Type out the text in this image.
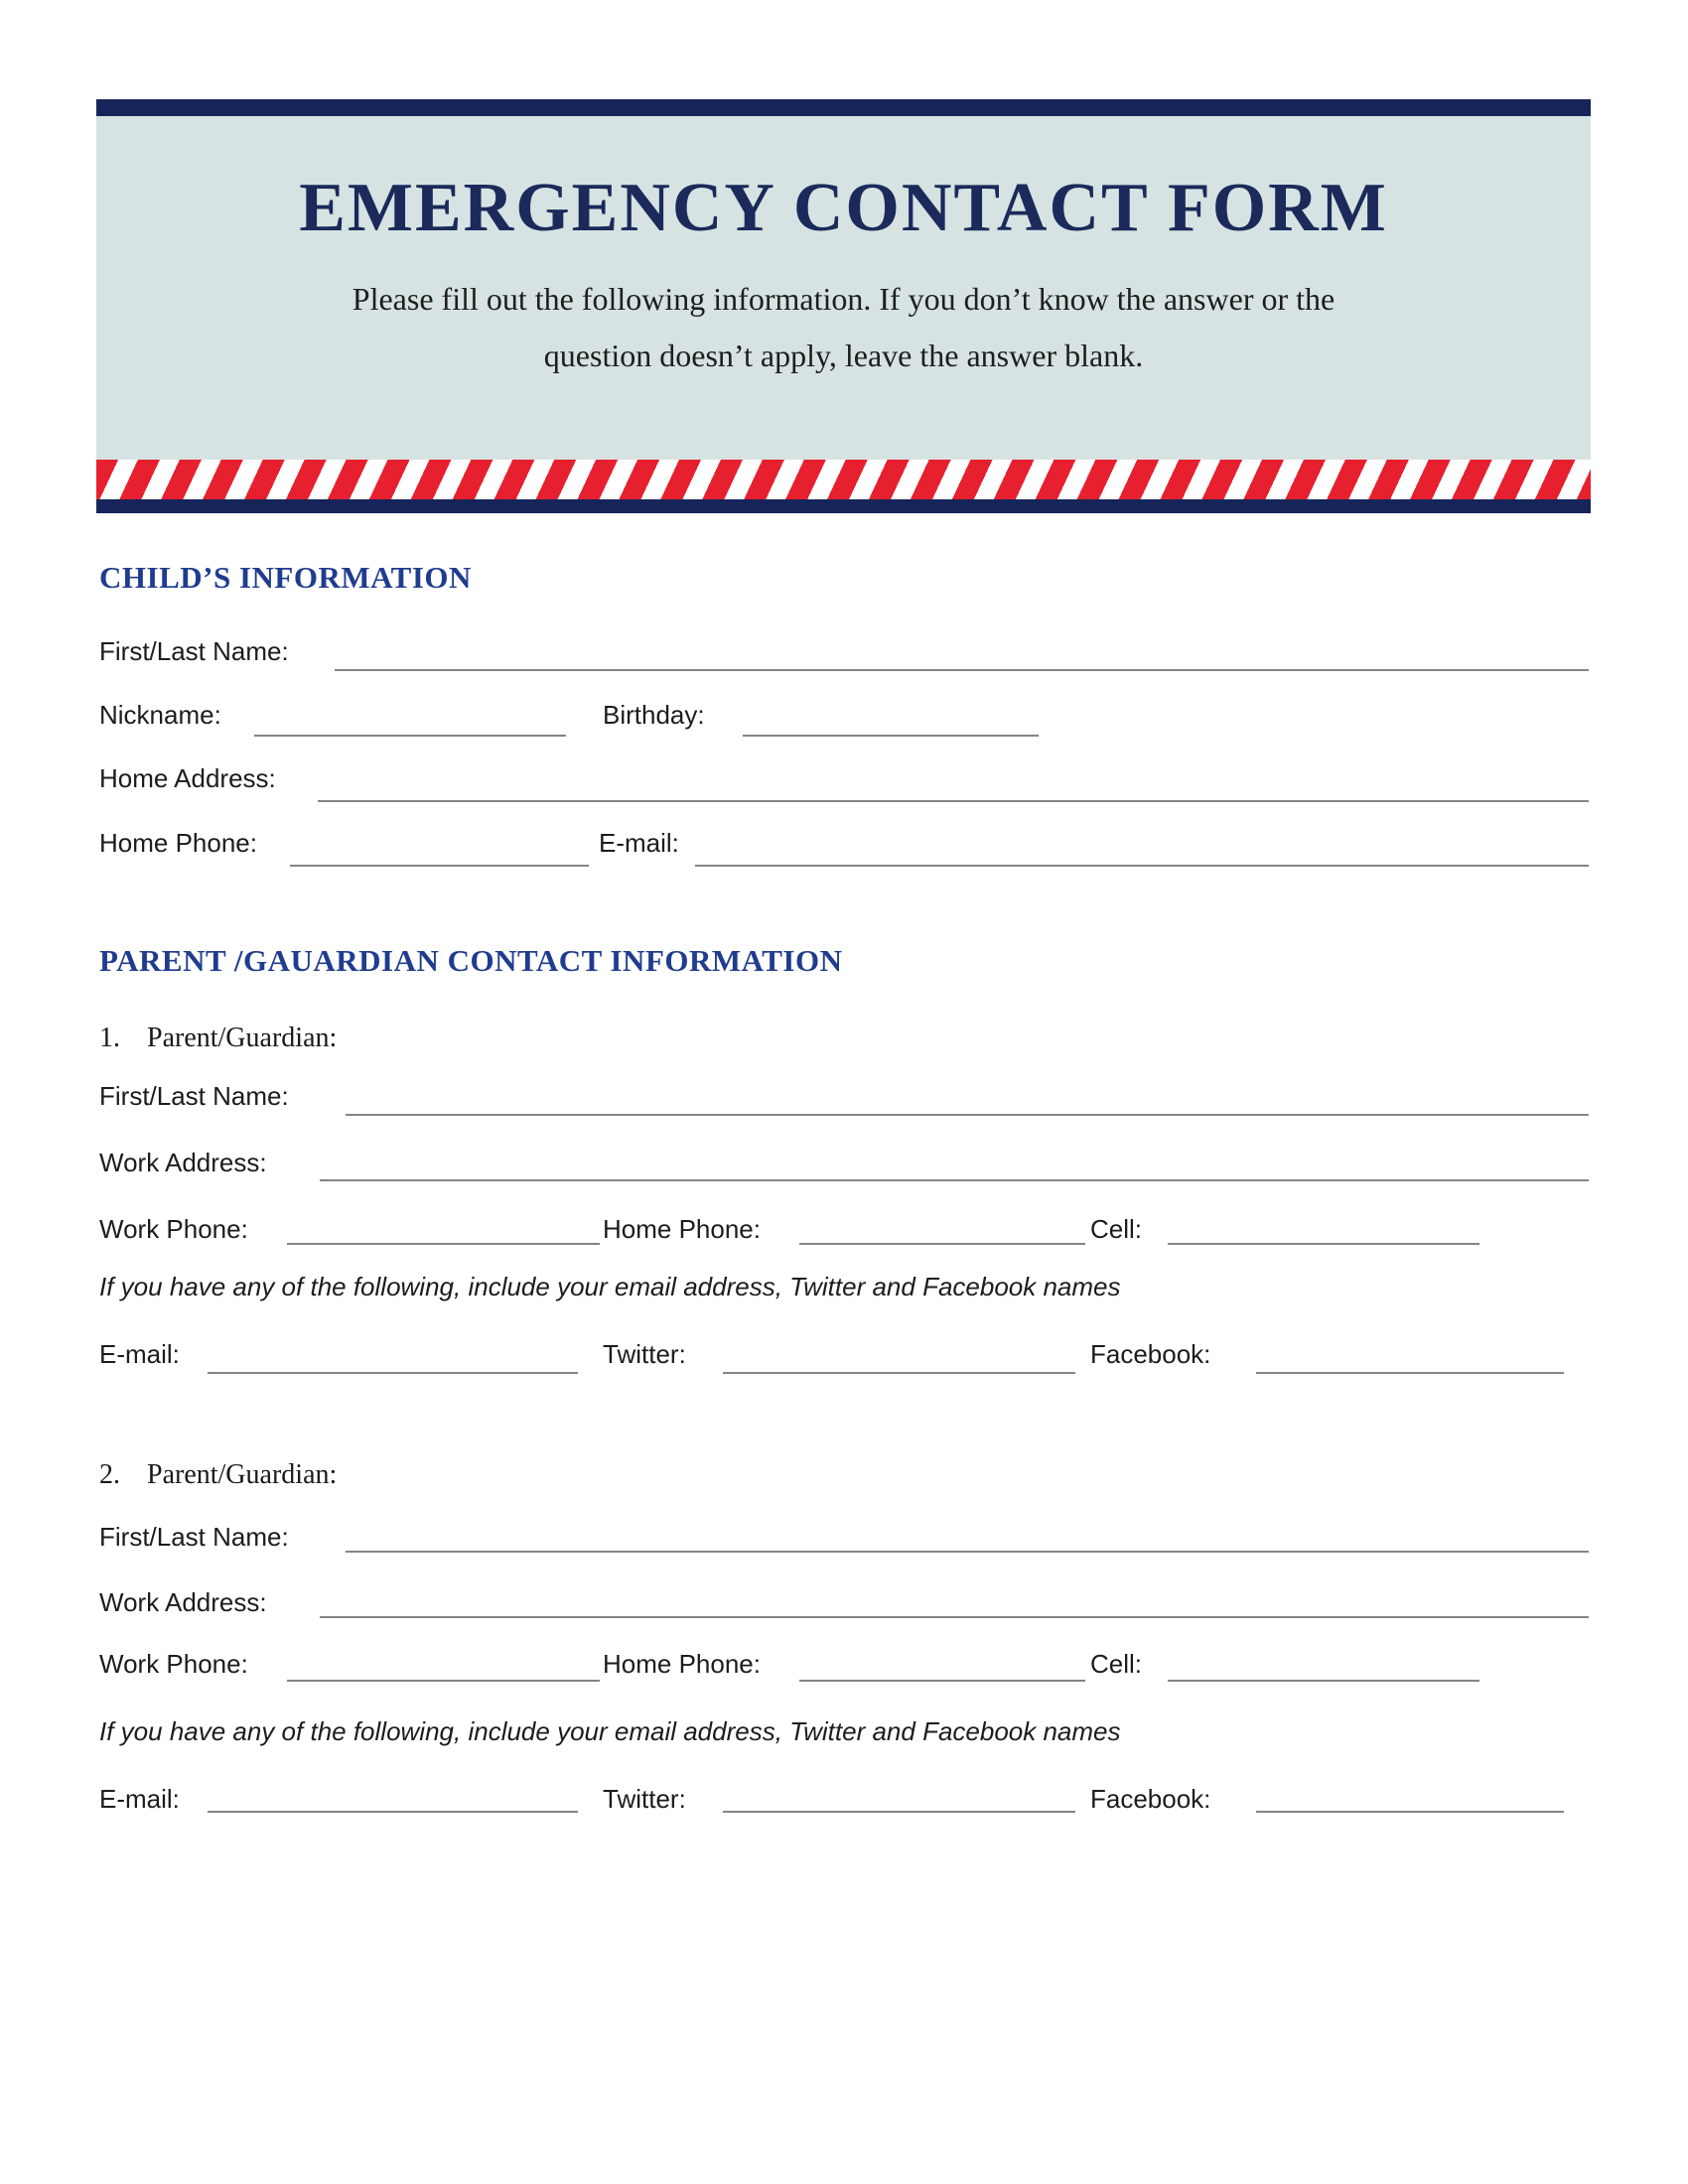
EMERGENCY CONTACT FORM

Please fill out the following information. If you don’t know the answer or the
question doesn’t apply, leave the answer blank.

CHILD’S INFORMATION
First/Last Name:
Nickname:	Birthday:
Home Address:
Home Phone:	E-mail:
PARENT /GAUARDIAN CONTACT INFORMATION
1. Parent/Guardian:
First/Last Name:
Work Address:
Work Phone:	Home Phone:	Cell:
If you have any of the following, include your email address, Twitter and Facebook names
E-mail:	Twitter:	Facebook:
2. Parent/Guardian:
First/Last Name:
Work Address:
Work Phone:	Home Phone:	Cell:
If you have any of the following, include your email address, Twitter and Facebook names
E-mail:	Twitter:	Facebook:
